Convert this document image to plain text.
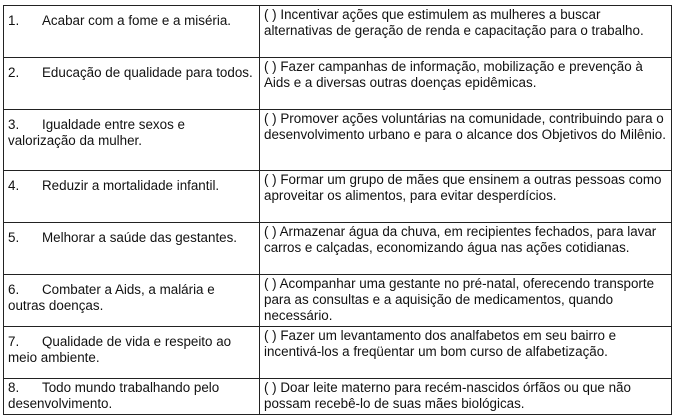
1. Acabar com a fome e a miséria.	( ) Incentivar ações que estimulem as mulheres a buscar alternativas de geração de renda e capacitação para o trabalho.
2. Educação de qualidade para todos.	( ) Fazer campanhas de informação, mobilização e prevenção à Aids e a diversas outras doenças epidêmicas.
3. Igualdade entre sexos e valorização da mulher.	( ) Promover ações voluntárias na comunidade, contribuindo para o desenvolvimento urbano e para o alcance dos Objetivos do Milênio.
4. Reduzir a mortalidade infantil.	( ) Formar um grupo de mães que ensinem a outras pessoas como aproveitar os alimentos, para evitar desperdícios.
5. Melhorar a saúde das gestantes.	( ) Armazenar água da chuva, em recipientes fechados, para lavar carros e calçadas, economizando água nas ações cotidianas.
6. Combater a Aids, a malária e outras doenças.	( ) Acompanhar uma gestante no pré-natal, oferecendo transporte para as consultas e a aquisição de medicamentos, quando necessário.
7. Qualidade de vida e respeito ao meio ambiente.	( ) Fazer um levantamento dos analfabetos em seu bairro e incentivá-los a freqüentar um bom curso de alfabetização.
8. Todo mundo trabalhando pelo desenvolvimento.	( ) Doar leite materno para recém-nascidos órfãos ou que não possam recebê-lo de suas mães biológicas.
